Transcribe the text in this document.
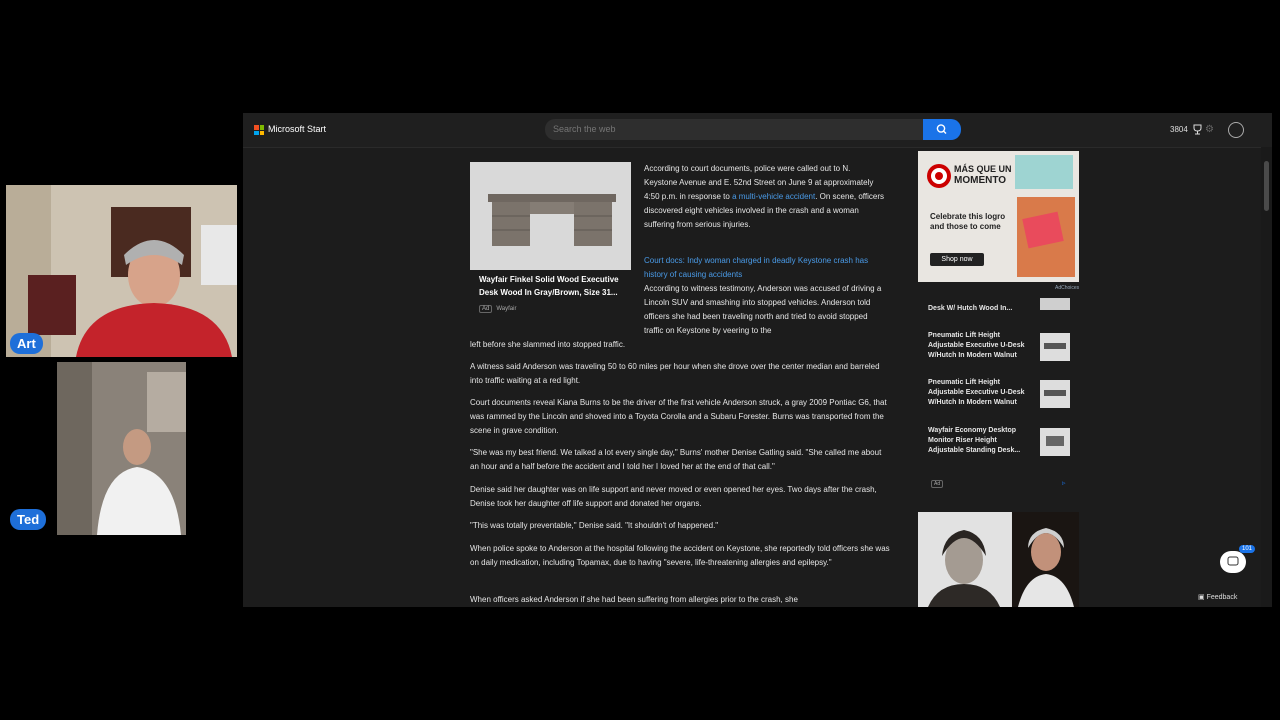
Art
Ted
Microsoft Start
Search the web	3804 ⚙
Wayfair Finkel Solid Wood Executive Desk Wood In Gray/Brown, Size 31...
Ad Wayfair

According to court documents, police were called out to N. Keystone Avenue and E. 52nd Street on June 9 at approximately 4:50 p.m. in response to a multi-vehicle accident. On scene, officers discovered eight vehicles involved in the crash and a woman suffering from serious injuries.

Court docs: Indy woman charged in deadly Keystone crash has history of causing accidents

According to witness testimony, Anderson was accused of driving a Lincoln SUV and smashing into stopped vehicles. Anderson told officers she had been traveling north and tried to avoid stopped traffic on Keystone by veering to the

left before she slammed into stopped traffic.

A witness said Anderson was traveling 50 to 60 miles per hour when she drove over the center median and barreled into traffic waiting at a red light.

Court documents reveal Kiana Burns to be the driver of the first vehicle Anderson struck, a gray 2009 Pontiac G6, that was rammed by the Lincoln and shoved into a Toyota Corolla and a Subaru Forester. Burns was transported from the scene in grave condition.

"She was my best friend. We talked a lot every single day," Burns' mother Denise Gatling said. "She called me about an hour and a half before the accident and I told her I loved her at the end of that call."

Denise said her daughter was on life support and never moved or even opened her eyes. Two days after the crash, Denise took her daughter off life support and donated her organs.

"This was totally preventable," Denise said. "It shouldn't of happened."

When police spoke to Anderson at the hospital following the accident on Keystone, she reportedly told officers she was on daily medication, including Topamax, due to having "severe, life-threatening allergies and epilepsy."

When officers asked Anderson if she had been suffering from allergies prior to the crash, she

MÁS QUE UN
MOMENTO
Celebrate this logro and those to come
Shop now
AdChoices
Desk W/ Hutch Wood In...
Pneumatic Lift Height Adjustable Executive U-Desk W/Hutch In Modern Walnut
Pneumatic Lift Height Adjustable Executive U-Desk W/Hutch In Modern Walnut
Wayfair Economy Desktop Monitor Riser Height Adjustable Standing Desk...
Ad	▹
101
▣ Feedback
